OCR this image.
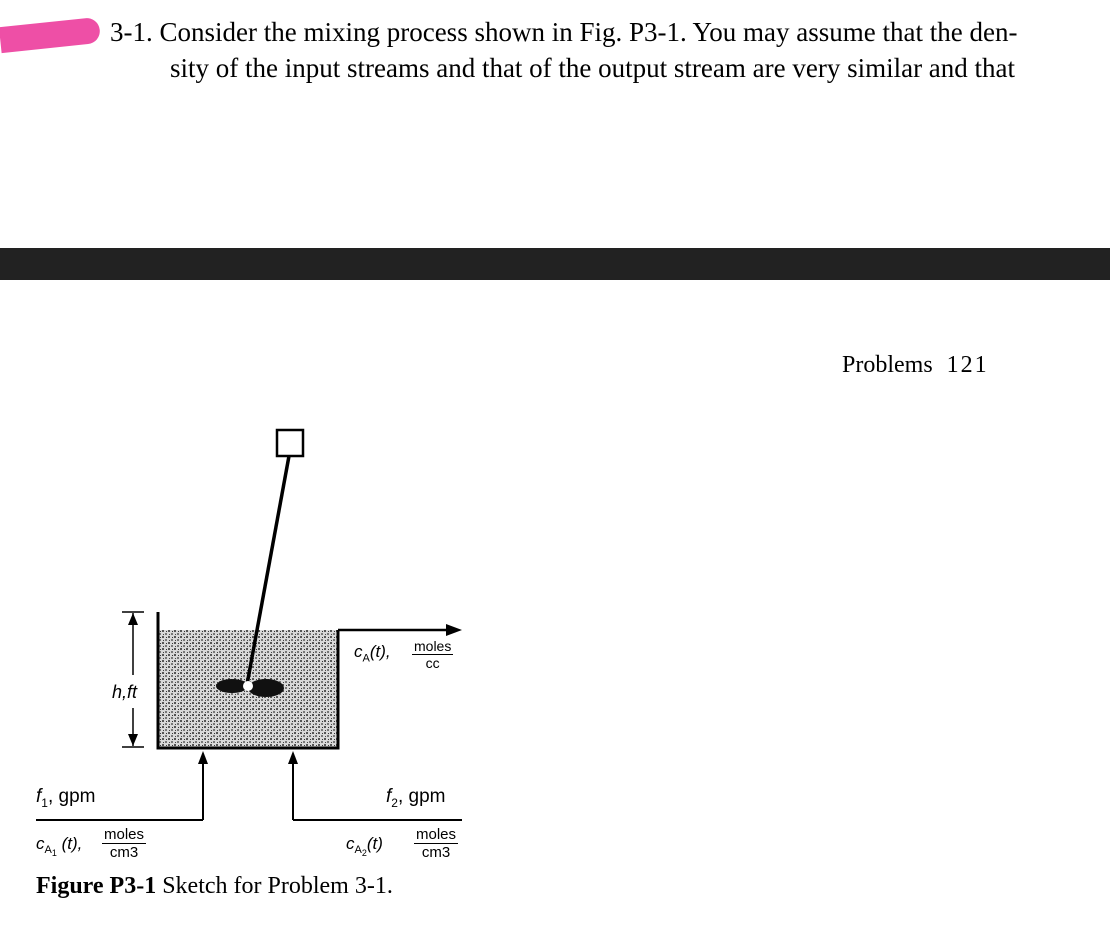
3-1. Consider the mixing process shown in Fig. P3-1. You may assume that the den-
sity of the input streams and that of the output stream are very similar and that
Problems 121
h,ft
$c_A(t)$, moles
cc
$f_1$, gpm	$f_2$, gpm
$c_{A_1}$ (t), moles
cm3	$c_{A_2}(t)$ moles
cm3
Figure P3-1 Sketch for Problem 3-1.
